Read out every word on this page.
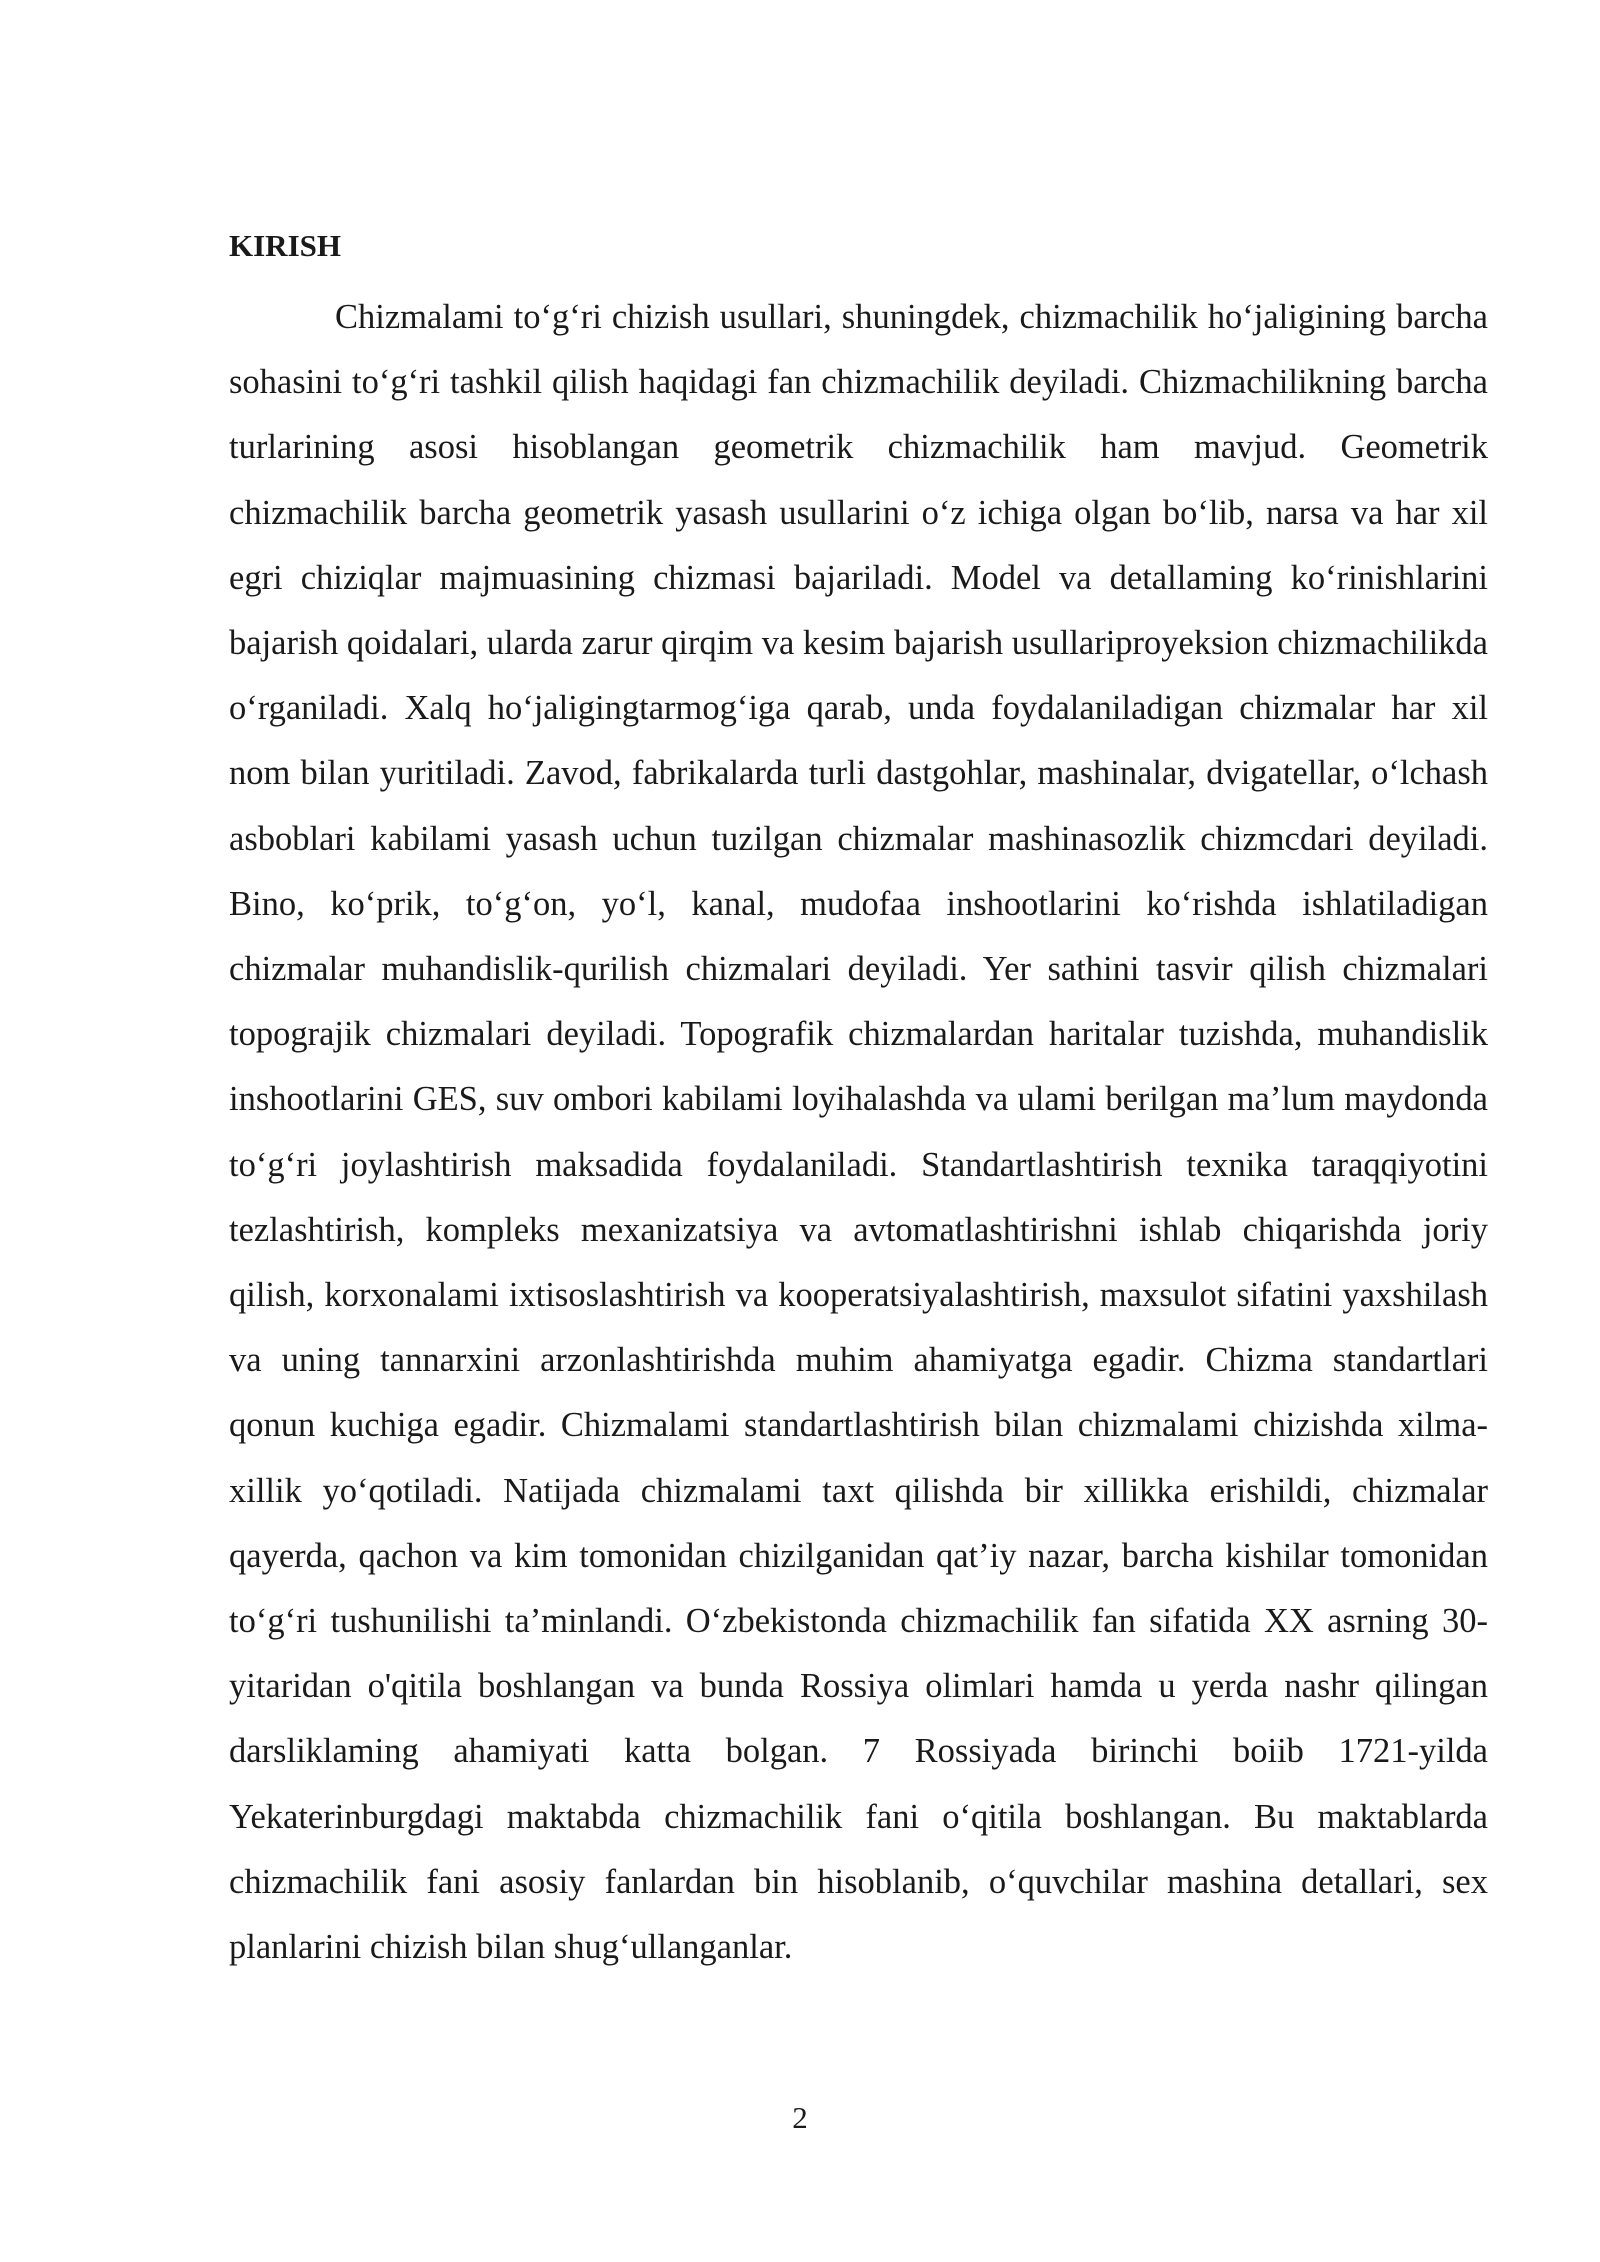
KIRISH

Chizmalami to‘g‘ri chizish usullari, shuningdek, chizmachilik ho‘jaligining barcha sohasini to‘g‘ri tashkil qilish haqidagi fan chizmachilik deyiladi. Chizmachilikning barcha turlarining asosi hisoblangan geometrik chizmachilik ham mavjud. Geometrik chizmachilik barcha geometrik yasash usullarini o‘z ichiga olgan bo‘lib, narsa va har xil egri chiziqlar majmuasining chizmasi bajariladi. Model va detallaming ko‘rinishlarini bajarish qoidalari, ularda zarur qirqim va kesim bajarish usullariproyeksion chizmachilikda o‘rganiladi. Xalq ho‘jaligingtarmog‘iga qarab, unda foydalaniladigan chizmalar har xil nom bilan yuritiladi. Zavod, fabrikalarda turli dastgohlar, mashinalar, dvigatellar, o‘lchash asboblari kabilami yasash uchun tuzilgan chizmalar mashinasozlik chizmcdari deyiladi. Bino, ko‘prik, to‘g‘on, yo‘l, kanal, mudofaa inshootlarini ko‘rishda ishlatiladigan chizmalar muhandislik-qurilish chizmalari deyiladi. Yer sathini tasvir qilish chizmalari topograjik chizmalari deyiladi. Topografik chizmalardan haritalar tuzishda, muhandislik inshootlarini GES, suv ombori kabilami loyihalashda va ulami berilgan ma’lum maydonda to‘g‘ri joylashtirish maksadida foydalaniladi. Standartlashtirish texnika taraqqiyotini tezlashtirish, kompleks mexanizatsiya va avtomatlashtirishni ishlab chiqarishda joriy qilish, korxonalami ixtisoslashtirish va kooperatsiyalashtirish, maxsulot sifatini yaxshilash va uning tannarxini arzonlashtirishda muhim ahamiyatga egadir. Chizma standartlari qonun kuchiga egadir. Chizmalami standartlashtirish bilan chizmalami chizishda xilma-xillik yo‘qotiladi. Natijada chizmalami taxt qilishda bir xillikka erishildi, chizmalar qayerda, qachon va kim tomonidan chizilganidan qat’iy nazar, barcha kishilar tomonidan to‘g‘ri tushunilishi ta’minlandi. O‘zbekistonda chizmachilik fan sifatida XX asrning 30-yitaridan o'qitila boshlangan va bunda Rossiya olimlari hamda u yerda nashr qilingan darsliklaming ahamiyati katta bolgan. 7 Rossiyada birinchi boiib 1721-yilda Yekaterinburgdagi maktabda chizmachilik fani o‘qitila boshlangan. Bu maktablarda chizmachilik fani asosiy fanlardan bin hisoblanib, o‘quvchilar mashina detallari, sex planlarini chizish bilan shug‘ullanganlar.

2
